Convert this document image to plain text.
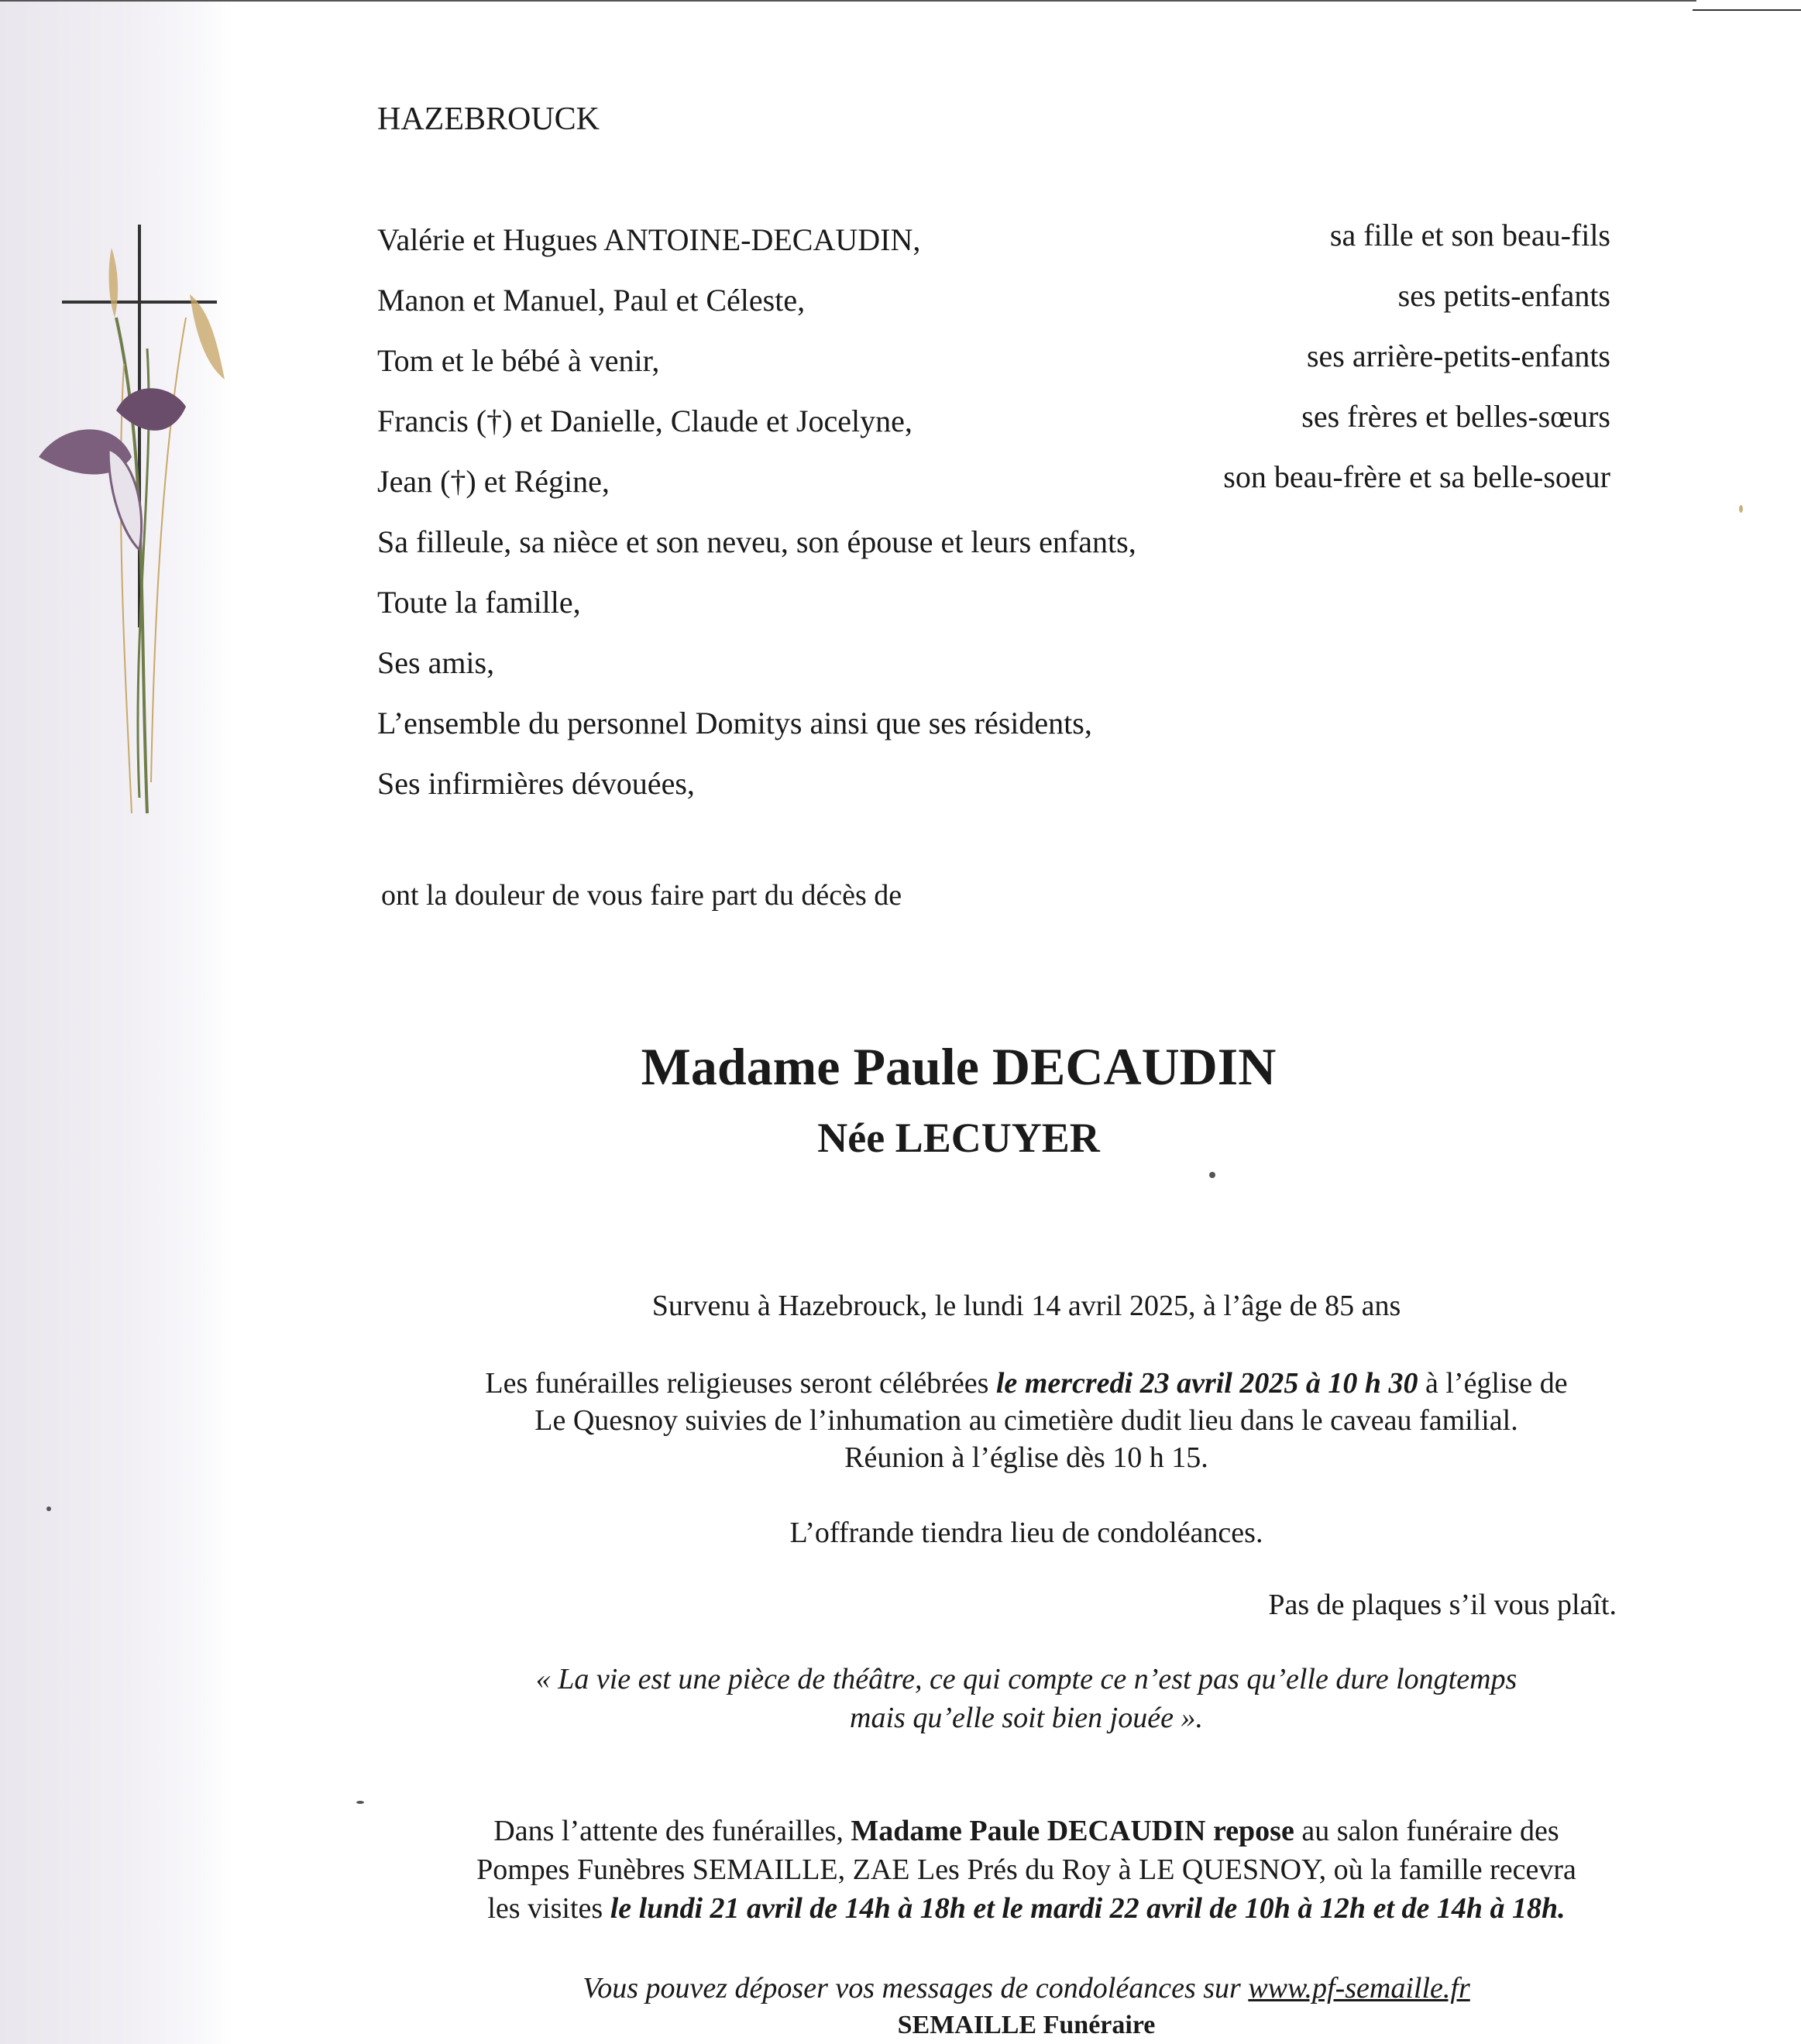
HAZEBROUCK
Valérie et Hugues ANTOINE-DECAUDIN,	sa fille et son beau-fils
Manon et Manuel, Paul et Céleste,	ses petits-enfants
Tom et le bébé à venir,	ses arrière-petits-enfants
Francis (†) et Danielle, Claude et Jocelyne,	ses frères et belles-sœurs
Jean (†) et Régine,	son beau-frère et sa belle-soeur
Sa filleule, sa nièce et son neveu, son épouse et leurs enfants,
Toute la famille,
Ses amis,
L’ensemble du personnel Domitys ainsi que ses résidents,
Ses infirmières dévouées,
ont la douleur de vous faire part du décès de
Madame Paule DECAUDIN
Née LECUYER
Survenu à Hazebrouck, le lundi 14 avril 2025, à l’âge de 85 ans
Les funérailles religieuses seront célébrées le mercredi 23 avril 2025 à 10 h 30 à l’église de
Le Quesnoy suivies de l’inhumation au cimetière dudit lieu dans le caveau familial.
Réunion à l’église dès 10 h 15.
L’offrande tiendra lieu de condoléances.
Pas de plaques s’il vous plaît.
« La vie est une pièce de théâtre, ce qui compte ce n’est pas qu’elle dure longtemps
mais qu’elle soit bien jouée ».
Dans l’attente des funérailles, Madame Paule DECAUDIN repose au salon funéraire des
Pompes Funèbres SEMAILLE, ZAE Les Prés du Roy à LE QUESNOY, où la famille recevra
les visites le lundi 21 avril de 14h à 18h et le mardi 22 avril de 10h à 12h et de 14h à 18h.
Vous pouvez déposer vos messages de condoléances sur www.pf-semaille.fr
SEMAILLE Funéraire
